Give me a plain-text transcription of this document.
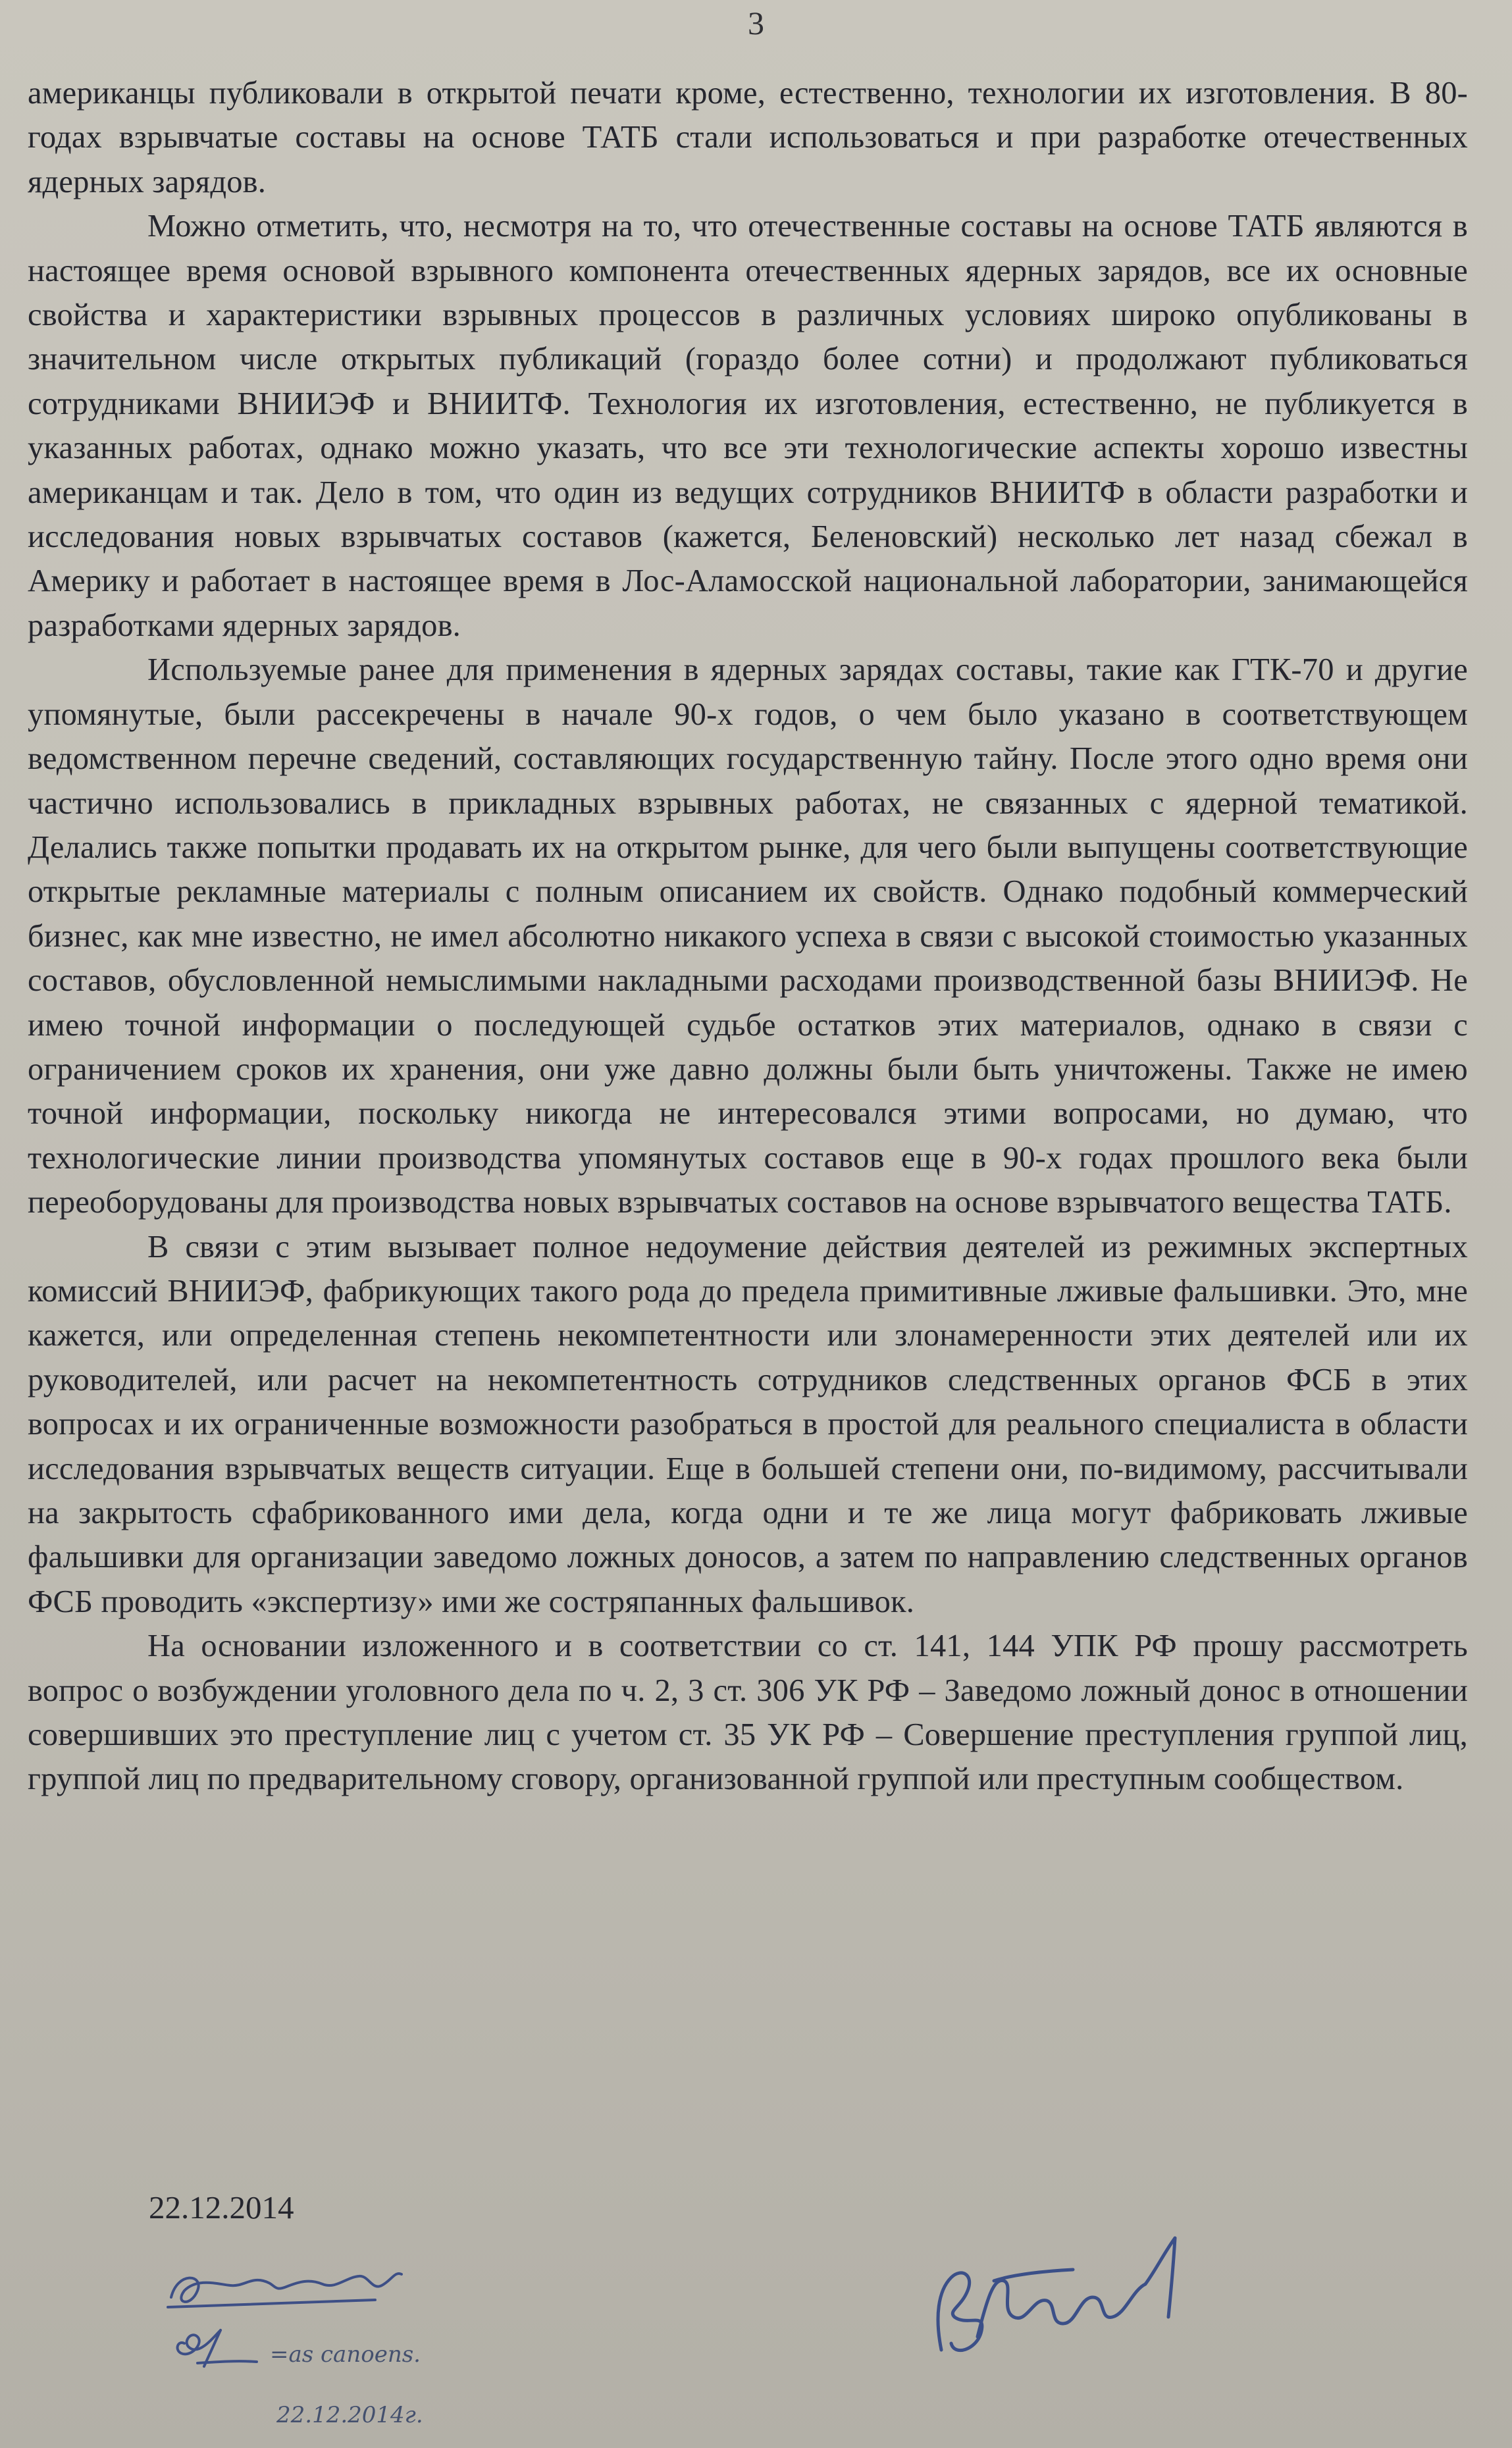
3

американцы публиковали в открытой печати кроме, естественно, технологии их изготовления. В 80-годах взрывчатые составы на основе ТАТБ стали использоваться и при разработке отечественных ядерных зарядов.

Можно отметить, что, несмотря на то, что отечественные составы на основе ТАТБ являются в настоящее время основой взрывного компонента отечественных ядерных зарядов, все их основные свойства и характеристики взрывных процессов в различных условиях широко опубликованы в значительном числе открытых публикаций (гораздо более сотни) и продолжают публиковаться сотрудниками ВНИИЭФ и ВНИИТФ. Технология их изготовления, естественно, не публикуется в указанных работах, однако можно указать, что все эти технологические аспекты хорошо известны американцам и так. Дело в том, что один из ведущих сотрудников ВНИИТФ в области разработки и исследования новых взрывчатых составов (кажется, Беленовский) несколько лет назад сбежал в Америку и работает в настоящее время в Лос-Аламосской национальной лаборатории, занимающейся разработками ядерных зарядов.

Используемые ранее для применения в ядерных зарядах составы, такие как ГТК-70 и другие упомянутые, были рассекречены в начале 90-х годов, о чем было указано в соответствующем ведомственном перечне сведений, составляющих государственную тайну. После этого одно время они частично использовались в прикладных взрывных работах, не связанных с ядерной тематикой. Делались также попытки продавать их на открытом рынке, для чего были выпущены соответствующие открытые рекламные материалы с полным описанием их свойств. Однако подобный коммерческий бизнес, как мне известно, не имел абсолютно никакого успеха в связи с высокой стоимостью указанных составов, обусловленной немыслимыми накладными расходами производственной базы ВНИИЭФ. Не имею точной информации о последующей судьбе остатков этих материалов, однако в связи с ограничением сроков их хранения, они уже давно должны были быть уничтожены. Также не имею точной информации, поскольку никогда не интересовался этими вопросами, но думаю, что технологические линии производства упомянутых составов еще в 90-х годах прошлого века были переоборудованы для производства новых взрывчатых составов на основе взрывчатого вещества ТАТБ.

В связи с этим вызывает полное недоумение действия деятелей из режимных экспертных комиссий ВНИИЭФ, фабрикующих такого рода до предела примитивные лживые фальшивки. Это, мне кажется, или определенная степень некомпетентности или злонамеренности этих деятелей или их руководителей, или расчет на некомпетентность сотрудников следственных органов ФСБ в этих вопросах и их ограниченные возможности разобраться в простой для реального специалиста в области исследования взрывчатых веществ ситуации. Еще в большей степени они, по-видимому, рассчитывали на закрытость сфабрикованного ими дела, когда одни и те же лица могут фабриковать лживые фальшивки для организации заведомо ложных доносов, а затем по направлению следственных органов ФСБ проводить «экспертизу» ими же состряпанных фальшивок.

На основании изложенного и в соответствии со ст. 141, 144 УПК РФ прошу рассмотреть вопрос о возбуждении уголовного дела по ч. 2, 3 ст. 306 УК РФ – Заведомо ложный донос в отношении совершивших это преступление лиц с учетом ст. 35 УК РФ – Совершение преступления группой лиц, группой лиц по предварительному сговору, организованной группой или преступным сообществом.

22.12.2014
=as canoens.
22.12.2014г.
